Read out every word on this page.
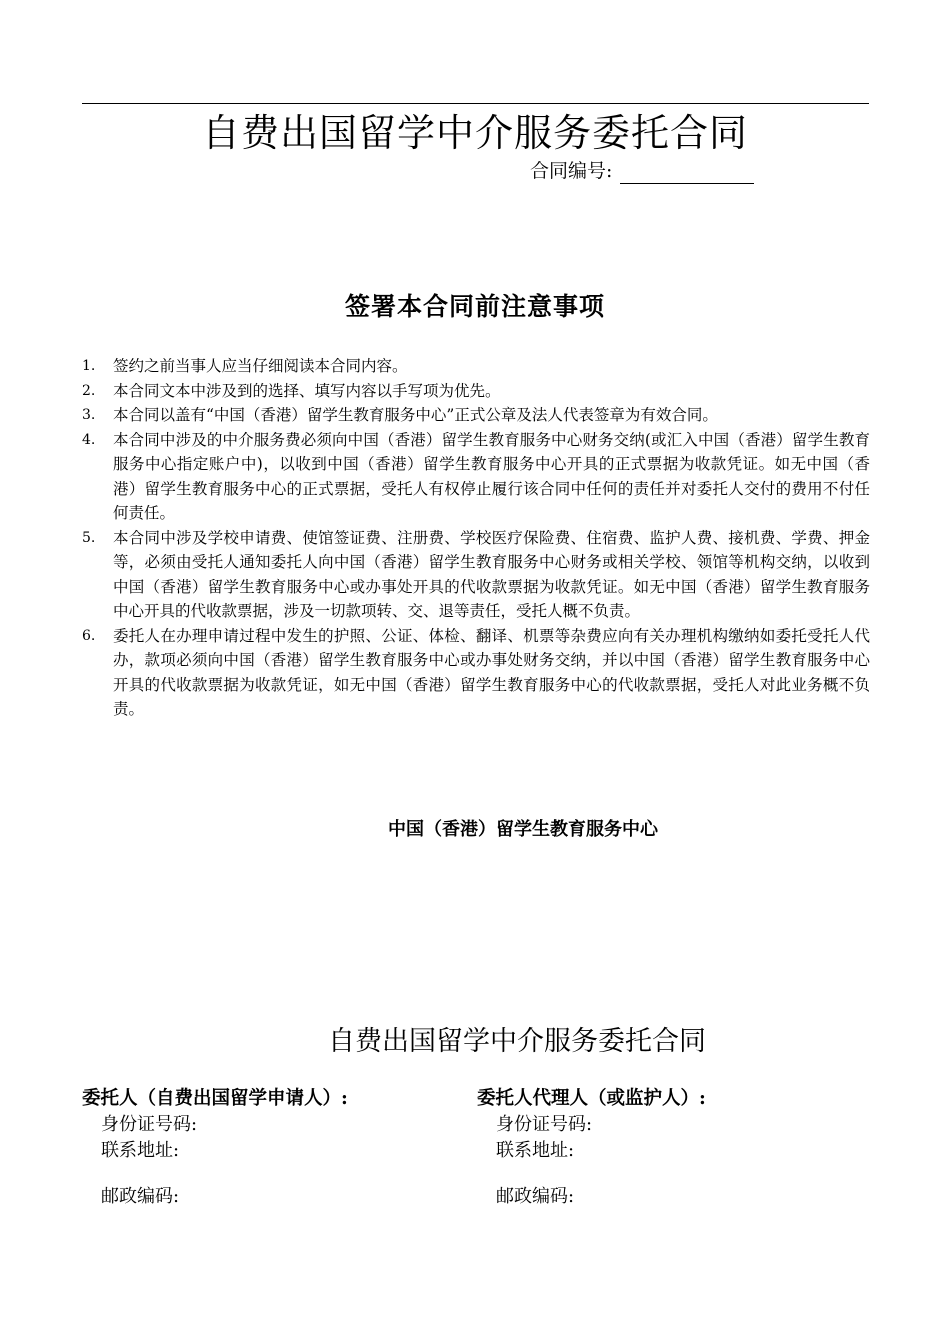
自费出国留学中介服务委托合同
合同编号:
签署本合同前注意事项
1. 签约之前当事人应当仔细阅读本合同内容。
2. 本合同文本中涉及到的选择、填写内容以手写项为优先。
3. 本合同以盖有“中国（香港）留学生教育服务中心”正式公章及法人代表签章为有效合同。
4. 本合同中涉及的中介服务费必须向中国（香港）留学生教育服务中心财务交纳(或汇入中国（香港）留学生教育服务中心指定账户中)，以收到中国（香港）留学生教育服务中心开具的正式票据为收款凭证。如无中国（香港）留学生教育服务中心的正式票据，受托人有权停止履行该合同中任何的责任并对委托人交付的费用不付任何责任。
5. 本合同中涉及学校申请费、使馆签证费、注册费、学校医疗保险费、住宿费、监护人费、接机费、学费、押金等，必须由受托人通知委托人向中国（香港）留学生教育服务中心财务或相关学校、领馆等机构交纳，以收到中国（香港）留学生教育服务中心或办事处开具的代收款票据为收款凭证。如无中国（香港）留学生教育服务中心开具的代收款票据，涉及一切款项转、交、退等责任，受托人概不负责。
6. 委托人在办理申请过程中发生的护照、公证、体检、翻译、机票等杂费应向有关办理机构缴纳如委托受托人代办，款项必须向中国（香港）留学生教育服务中心或办事处财务交纳，并以中国（香港）留学生教育服务中心开具的代收款票据为收款凭证，如无中国（香港）留学生教育服务中心的代收款票据，受托人对此业务概不负责。
中国（香港）留学生教育服务中心
自费出国留学中介服务委托合同
委托人（自费出国留学申请人）:
身份证号码:
联系地址:
邮政编码:
委托人代理人（或监护人）:
身份证号码:
联系地址:
邮政编码:
